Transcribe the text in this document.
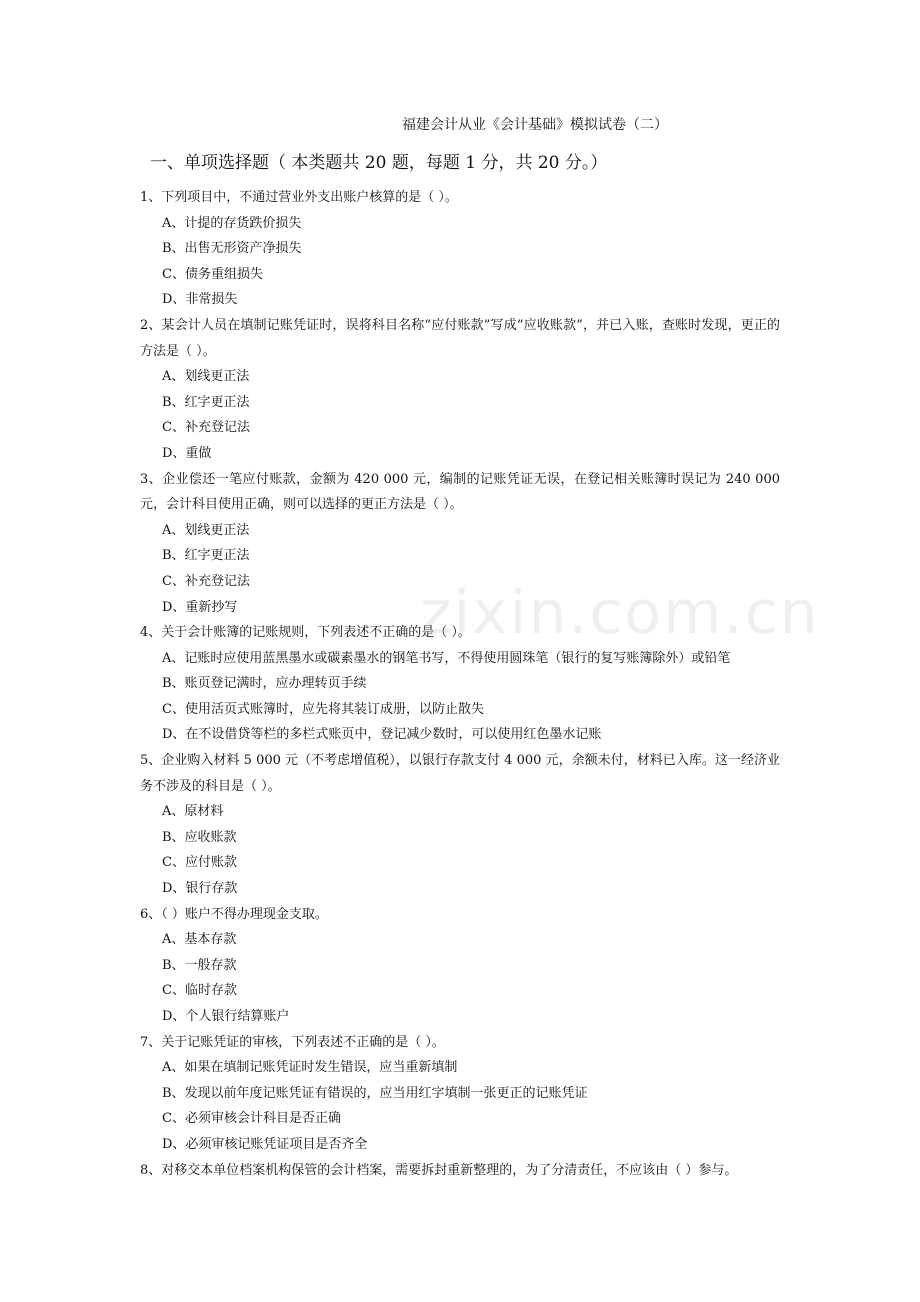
福建会计从业《会计基础》模拟试卷（二）
一、单项选择题（ 本类题共 20 题，每题 1 分，共 20 分。）

1、下列项目中，不通过营业外支出账户核算的是（ ）。

A、计提的存货跌价损失

B、出售无形资产净损失

C、债务重组损失

D、非常损失

2、某会计人员在填制记账凭证时，误将科目名称“应付账款”写成“应收账款”，并已入账，查账时发现，更正的方法是（ ）。

A、划线更正法

B、红字更正法

C、补充登记法

D、重做

3、企业偿还一笔应付账款，金额为 420 000 元，编制的记账凭证无误，在登记相关账簿时误记为 240 000 元，会计科目使用正确，则可以选择的更正方法是（ ）。

A、划线更正法

B、红字更正法

C、补充登记法

D、重新抄写

4、关于会计账簿的记账规则，下列表述不正确的是（ ）。

A、记账时应使用蓝黑墨水或碳素墨水的钢笔书写，不得使用圆珠笔（银行的复写账簿除外）或铅笔

B、账页登记满时，应办理转页手续

C、使用活页式账簿时，应先将其装订成册，以防止散失

D、在不设借贷等栏的多栏式账页中，登记减少数时，可以使用红色墨水记账

5、企业购入材料 5 000 元（不考虑增值税），以银行存款支付 4 000 元，余额未付，材料已入库。这一经济业务不涉及的科目是（ ）。

A、原材料

B、应收账款

C、应付账款

D、银行存款

6、（ ）账户不得办理现金支取。

A、基本存款

B、一般存款

C、临时存款

D、个人银行结算账户

7、关于记账凭证的审核，下列表述不正确的是（ ）。

A、如果在填制记账凭证时发生错误，应当重新填制

B、发现以前年度记账凭证有错误的，应当用红字填制一张更正的记账凭证

C、必须审核会计科目是否正确

D、必须审核记账凭证项目是否齐全

8、对移交本单位档案机构保管的会计档案，需要拆封重新整理的，为了分清责任，不应该由（ ）参与。

zixin.com.cn
